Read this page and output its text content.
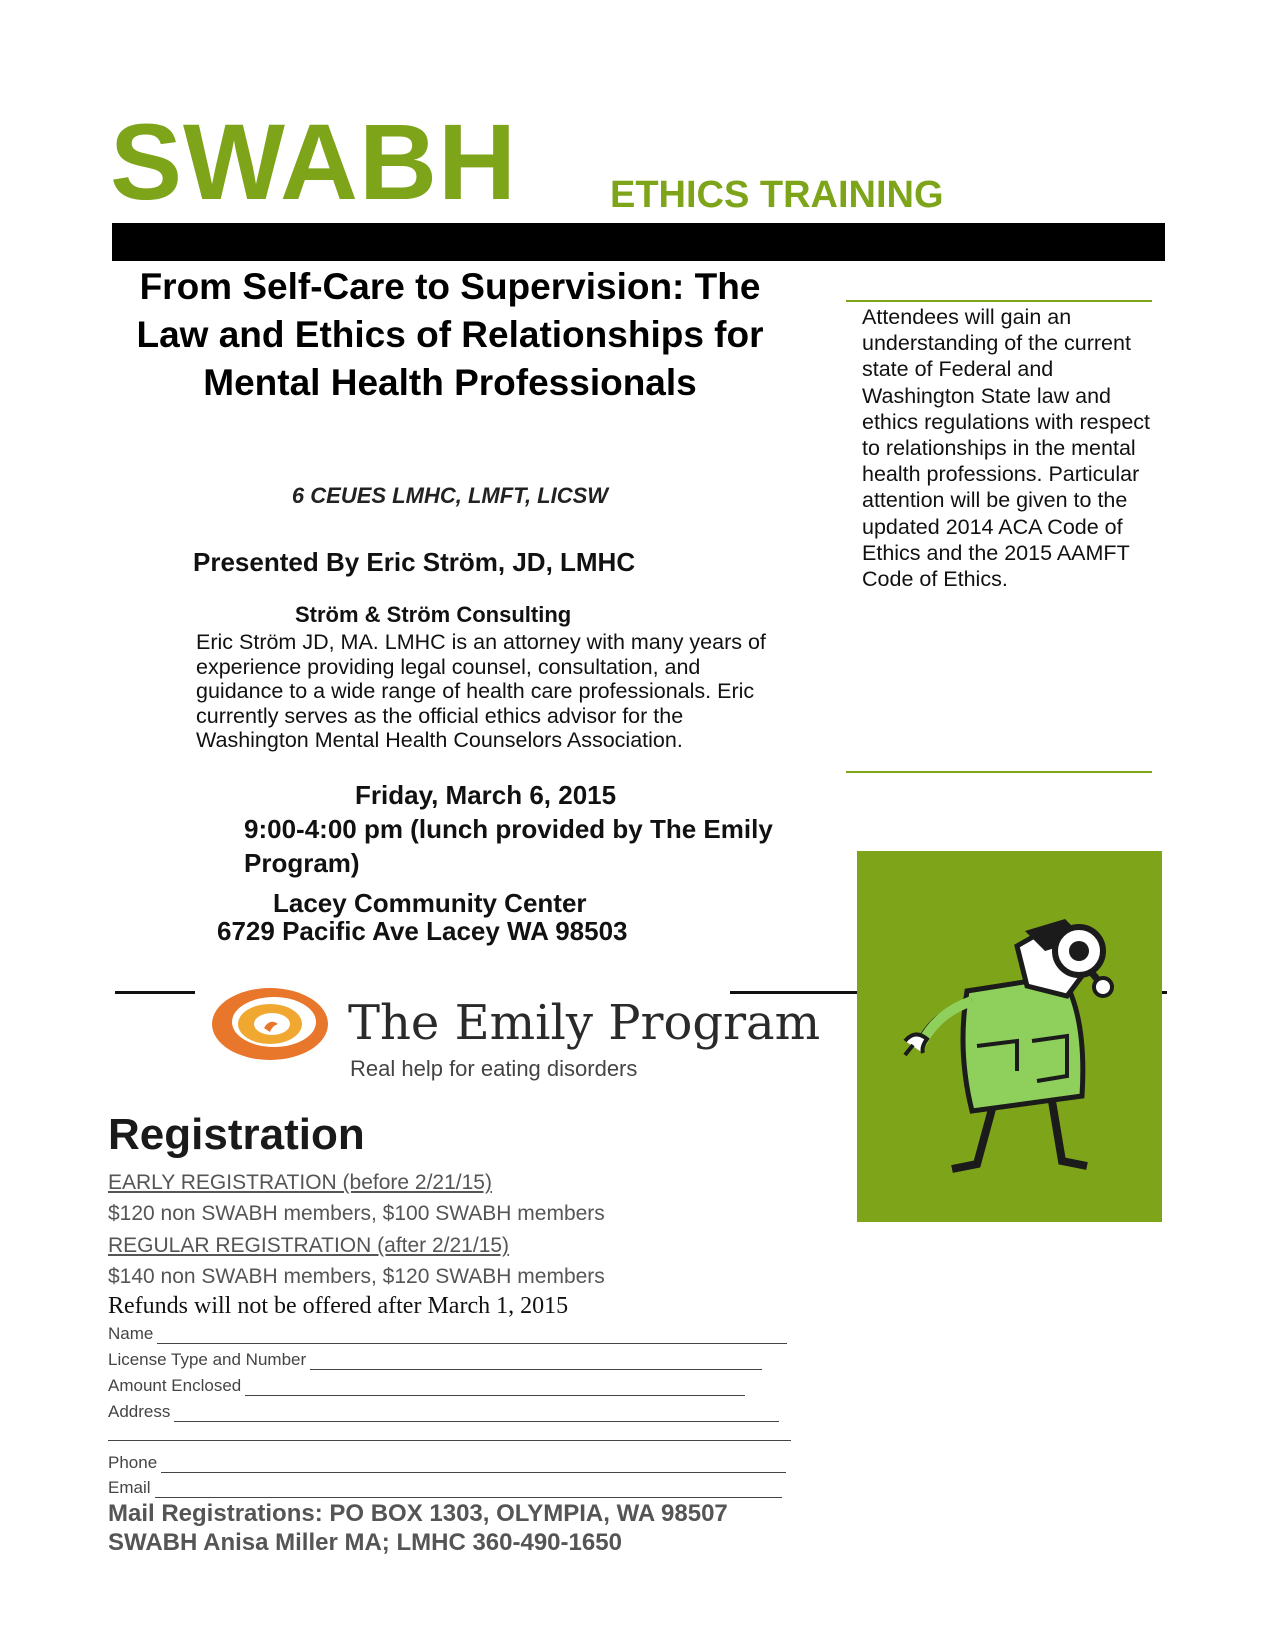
SWABH ETHICS TRAINING
From Self-Care to Supervision: The Law and Ethics of Relationships for Mental Health Professionals
6 CEUES LMHC, LMFT, LICSW
Presented By Eric Ström, JD, LMHC
Ström & Ström Consulting
Eric Ström JD, MA. LMHC is an attorney with many years of experience providing legal counsel, consultation, and guidance to a wide range of health care professionals. Eric currently serves as the official ethics advisor for the Washington Mental Health Counselors Association.
Friday, March 6, 2015
9:00-4:00 pm (lunch provided by The Emily Program)
Lacey Community Center
6729 Pacific Ave Lacey WA 98503
Attendees will gain an understanding of the current state of Federal and Washington State law and ethics regulations with respect to relationships in the mental health professions. Particular attention will be given to the updated 2014 ACA Code of Ethics and the 2015 AAMFT Code of Ethics.
The Emily Program
Real help for eating disorders
Registration
EARLY REGISTRATION (before 2/21/15)
$120 non SWABH members, $100 SWABH members
REGULAR REGISTRATION (after 2/21/15)
$140 non SWABH members, $120 SWABH members
Refunds will not be offered after March 1, 2015
Name
License Type and Number
Amount Enclosed
Address
Phone
Email
Mail Registrations: PO BOX 1303, OLYMPIA, WA 98507
SWABH Anisa Miller MA; LMHC 360-490-1650
